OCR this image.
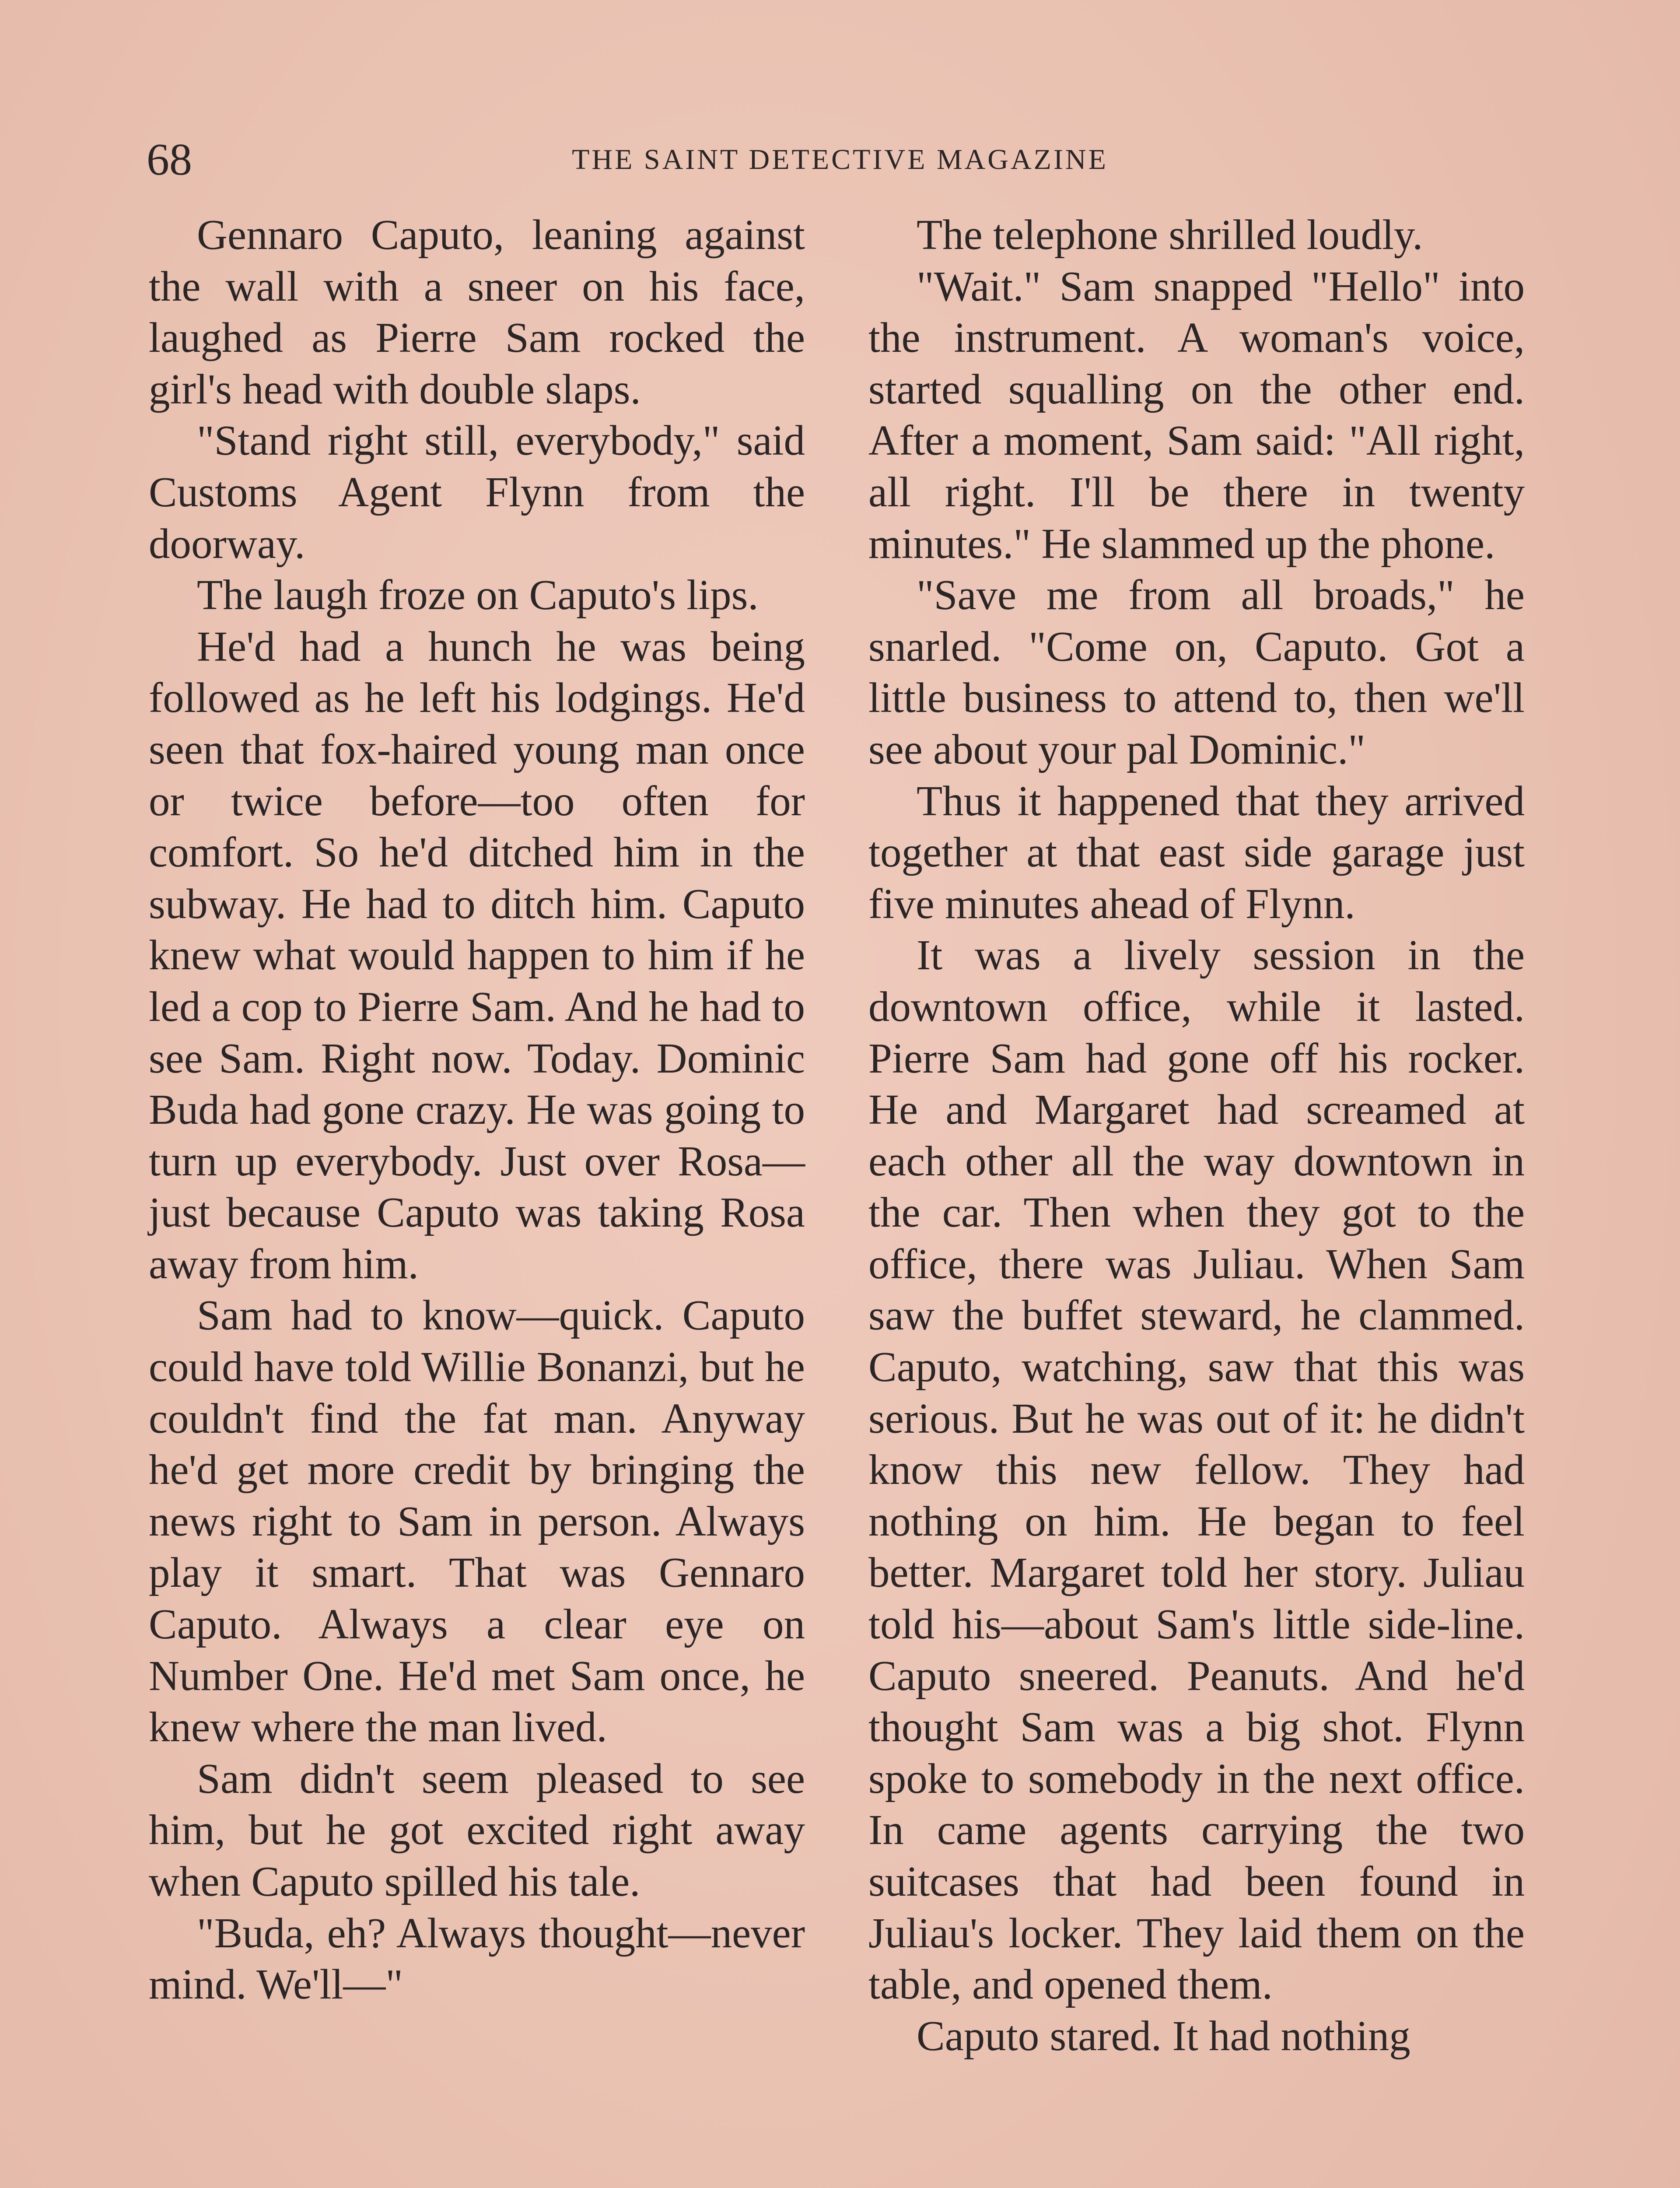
68	THE SAINT DETECTIVE MAGAZINE

Gennaro Caputo, leaning against the wall with a sneer on his face, laughed as Pierre Sam rocked the girl's head with double slaps.

"Stand right still, everybody," said Customs Agent Flynn from the doorway.

The laugh froze on Caputo's lips.

He'd had a hunch he was being followed as he left his lodgings. He'd seen that fox-haired young man once or twice before—too often for comfort. So he'd ditched him in the subway. He had to ditch him. Caputo knew what would happen to him if he led a cop to Pierre Sam. And he had to see Sam. Right now. Today. Dominic Buda had gone crazy. He was going to turn up everybody. Just over Rosa—just because Caputo was taking Rosa away from him.

Sam had to know—quick. Caputo could have told Willie Bonanzi, but he couldn't find the fat man. Anyway he'd get more credit by bringing the news right to Sam in person. Always play it smart. That was Gennaro Caputo. Always a clear eye on Number One. He'd met Sam once, he knew where the man lived.

Sam didn't seem pleased to see him, but he got excited right away when Caputo spilled his tale.

"Buda, eh? Always thought—never mind. We'll—"

The telephone shrilled loudly.

"Wait." Sam snapped "Hello" into the instrument. A woman's voice, started squalling on the other end. After a moment, Sam said: "All right, all right. I'll be there in twenty minutes." He slammed up the phone.

"Save me from all broads," he snarled. "Come on, Caputo. Got a little business to attend to, then we'll see about your pal Dominic."

Thus it happened that they arrived together at that east side garage just five minutes ahead of Flynn.

It was a lively session in the downtown office, while it lasted. Pierre Sam had gone off his rocker. He and Margaret had screamed at each other all the way downtown in the car. Then when they got to the office, there was Juliau. When Sam saw the buffet steward, he clammed. Caputo, watching, saw that this was serious. But he was out of it: he didn't know this new fellow. They had nothing on him. He began to feel better. Margaret told her story. Juliau told his—about Sam's little side-line. Caputo sneered. Peanuts. And he'd thought Sam was a big shot. Flynn spoke to somebody in the next office. In came agents carrying the two suitcases that had been found in Juliau's locker. They laid them on the table, and opened them.

Caputo stared. It had nothing
